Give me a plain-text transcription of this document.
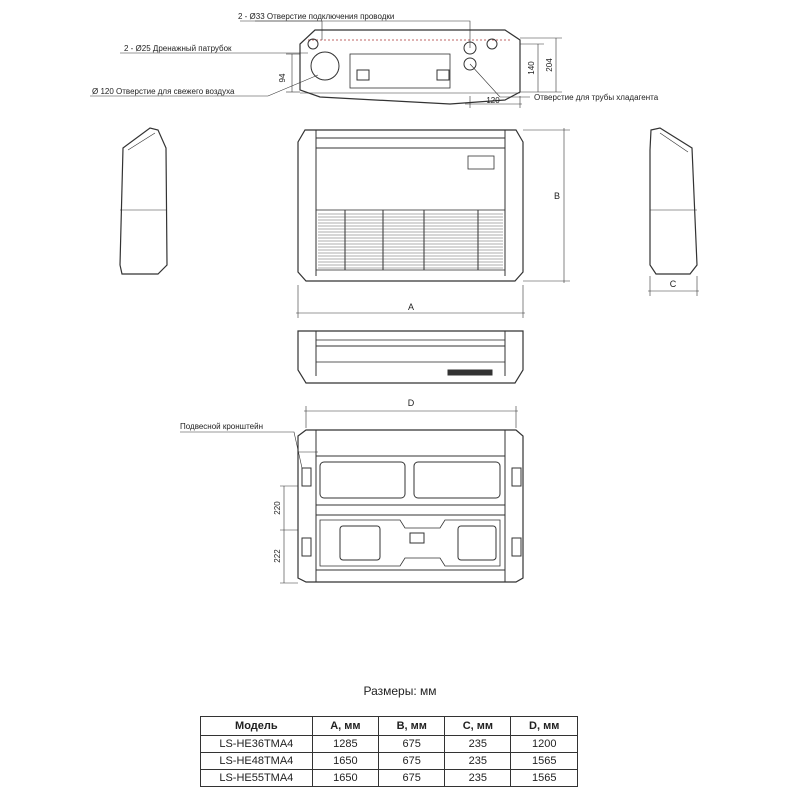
2 - Ø33 Отверстие подключения проводки
2 - Ø25 Дренажный патрубок
Ø 120 Отверстие для свежего воздуха
Отверстие для трубы хладагента
Подвесной кронштейн
94
120
140 204
A
B
C
D
220
222
Размеры: мм
Модель	A, мм	B, мм	C, мм	D, мм
LS-HE36TMA4	1285	675	235	1200
LS-HE48TMA4	1650	675	235	1565
LS-HE55TMA4	1650	675	235	1565
